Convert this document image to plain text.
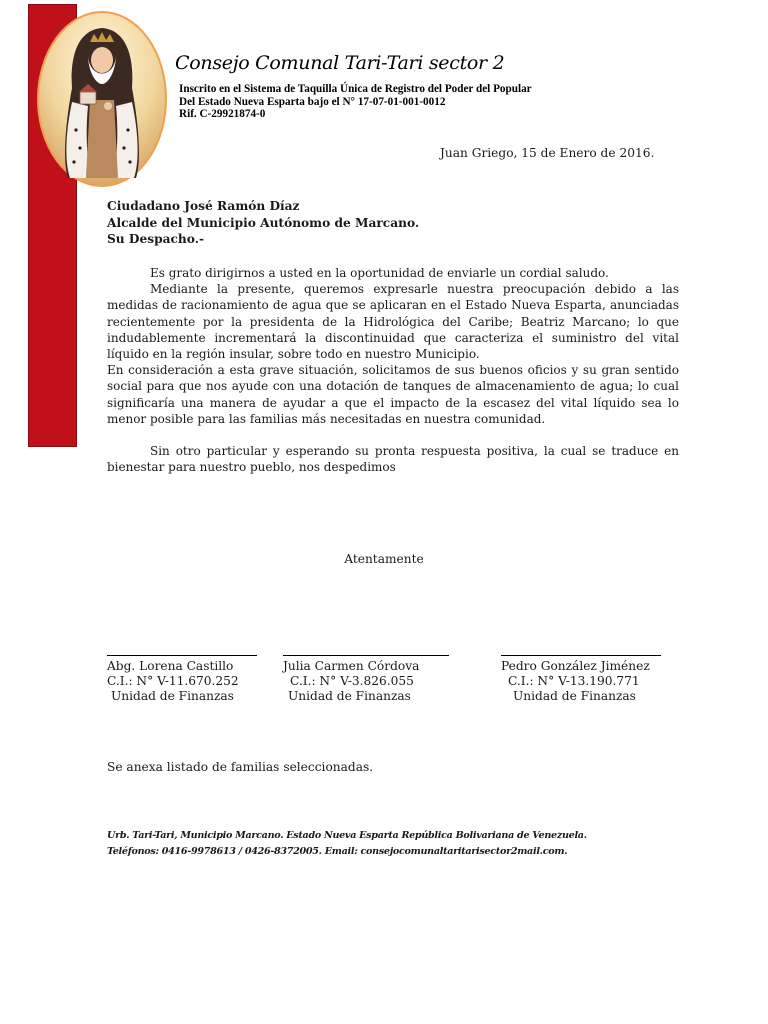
Consejo Comunal Tari-Tari sector 2
Inscrito en el Sistema de Taquilla Única de Registro del Poder del Popular
Del Estado Nueva Esparta bajo el N° 17-07-01-001-0012
Rif. C-29921874-0
Juan Griego, 15 de Enero de 2016.
Ciudadano José Ramón Díaz
Alcalde del Municipio Autónomo de Marcano.
Su Despacho.-

Es grato dirigirnos a usted en la oportunidad de enviarle un cordial saludo.

Mediante la presente, queremos expresarle nuestra preocupación debido a las medidas de racionamiento de agua que se aplicaran en el Estado Nueva Esparta, anunciadas recientemente por la presidenta de la Hidrológica del Caribe; Beatriz Marcano; lo que indudablemente incrementará la discontinuidad que caracteriza el suministro del vital líquido en la región insular, sobre todo en nuestro Municipio.

En consideración a esta grave situación, solicitamos de sus buenos oficios y su gran sentido social para que nos ayude con una dotación de tanques de almacenamiento de agua; lo cual significaría una manera de ayudar a que el impacto de la escasez del vital líquido sea lo menor posible para las familias más necesitadas en nuestra comunidad.

Sin otro particular y esperando su pronta respuesta positiva, la cual se traduce en bienestar para nuestro pueblo, nos despedimos

Atentamente
Abg. Lorena Castillo
C.I.: N° V-11.670.252
Unidad de Finanzas
Julia Carmen Córdova
C.I.: N° V-3.826.055
Unidad de Finanzas
Pedro González Jiménez
C.I.: N° V-13.190.771
Unidad de Finanzas
Se anexa listado de familias seleccionadas.
Urb. Tari-Tari, Municipio Marcano. Estado Nueva Esparta República Bolivariana de Venezuela.
Teléfonos: 0416-9978613 / 0426-8372005. Email: consejocomunaltaritarisector2mail.com.
